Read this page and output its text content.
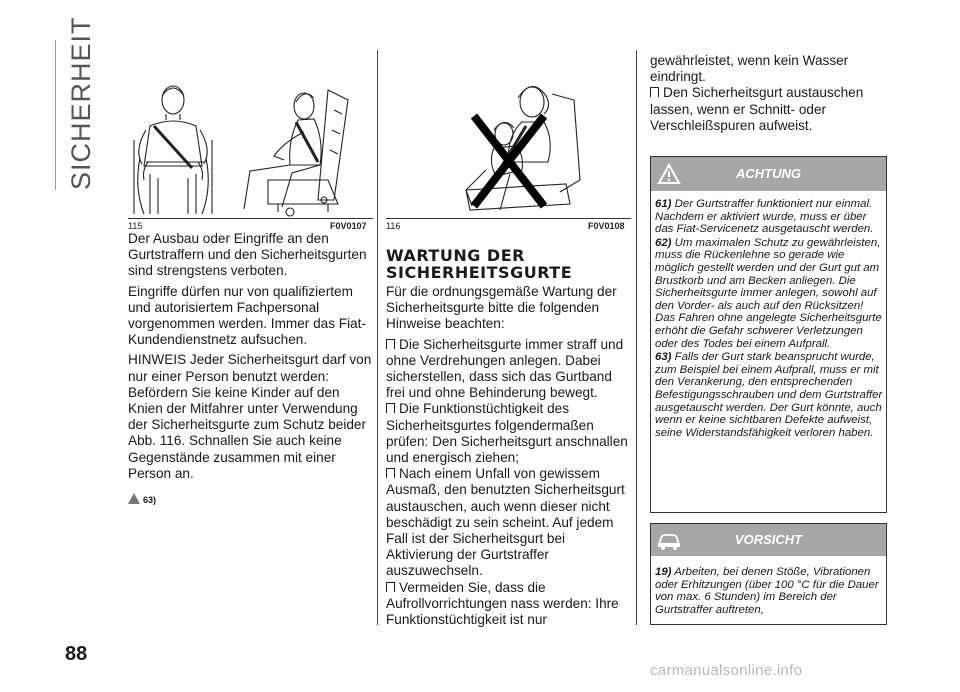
SICHERHEIT
88
115	F0V0107 116	F0V0108

Der Ausbau oder Eingriffe an den Gurtstraffern und den Sicherheitsgurten sind strengstens verboten.

Eingriffe dürfen nur von qualifiziertem und autorisiertem Fachpersonal vorgenommen werden. Immer das Fiat-Kundendienstnetz aufsuchen.

HINWEIS Jeder Sicherheitsgurt darf von nur einer Person benutzt werden: Befördern Sie keine Kinder auf den Knien der Mitfahrer unter Verwendung der Sicherheitsgurte zum Schutz beider Abb. 116. Schnallen Sie auch keine Gegenstände zusammen mit einer Person an.

63)
WARTUNG DER SICHERHEITSGURTE

Für die ordnungsgemäße Wartung der Sicherheitsgurte bitte die folgenden Hinweise beachten:

Die Sicherheitsgurte immer straff und ohne Verdrehungen anlegen. Dabei sicherstellen, dass sich das Gurtband frei und ohne Behinderung bewegt.
Die Funktionstüchtigkeit des Sicherheitsgurtes folgendermaßen prüfen: Den Sicherheitsgurt anschnallen und energisch ziehen;
Nach einem Unfall von gewissem Ausmaß, den benutzten Sicherheitsgurt austauschen, auch wenn dieser nicht beschädigt zu sein scheint. Auf jedem Fall ist der Sicherheitsgurt bei Aktivierung der Gurtstraffer auszuwechseln.
Vermeiden Sie, dass die Aufrollvorrichtungen nass werden: Ihre Funktionstüchtigkeit ist nur

gewährleistet, wenn kein Wasser eindringt.

Den Sicherheitsgurt austauschen lassen, wenn er Schnitt- oder Verschleißspuren aufweist.
ACHTUNG

61) Der Gurtstraffer funktioniert nur einmal. Nachdem er aktiviert wurde, muss er über das Fiat-Servicenetz ausgetauscht werden.

62) Um maximalen Schutz zu gewährleisten, muss die Rückenlehne so gerade wie möglich gestellt werden und der Gurt gut am Brustkorb und am Becken anliegen. Die Sicherheitsgurte immer anlegen, sowohl auf den Vorder- als auch auf den Rücksitzen! Das Fahren ohne angelegte Sicherheitsgurte erhöht die Gefahr schwerer Verletzungen oder des Todes bei einem Aufprall.

63) Falls der Gurt stark beansprucht wurde, zum Beispiel bei einem Aufprall, muss er mit den Verankerung, den entsprechenden Befestigungsschrauben und dem Gurtstraffer ausgetauscht werden. Der Gurt könnte, auch wenn er keine sichtbaren Defekte aufweist, seine Widerstandsfähigkeit verloren haben.

VORSICHT

19) Arbeiten, bei denen Stöße, Vibrationen oder Erhitzungen (über 100 °C für die Dauer von max. 6 Stunden) im Bereich der Gurtstraffer auftreten,

carmanualsonline.info
